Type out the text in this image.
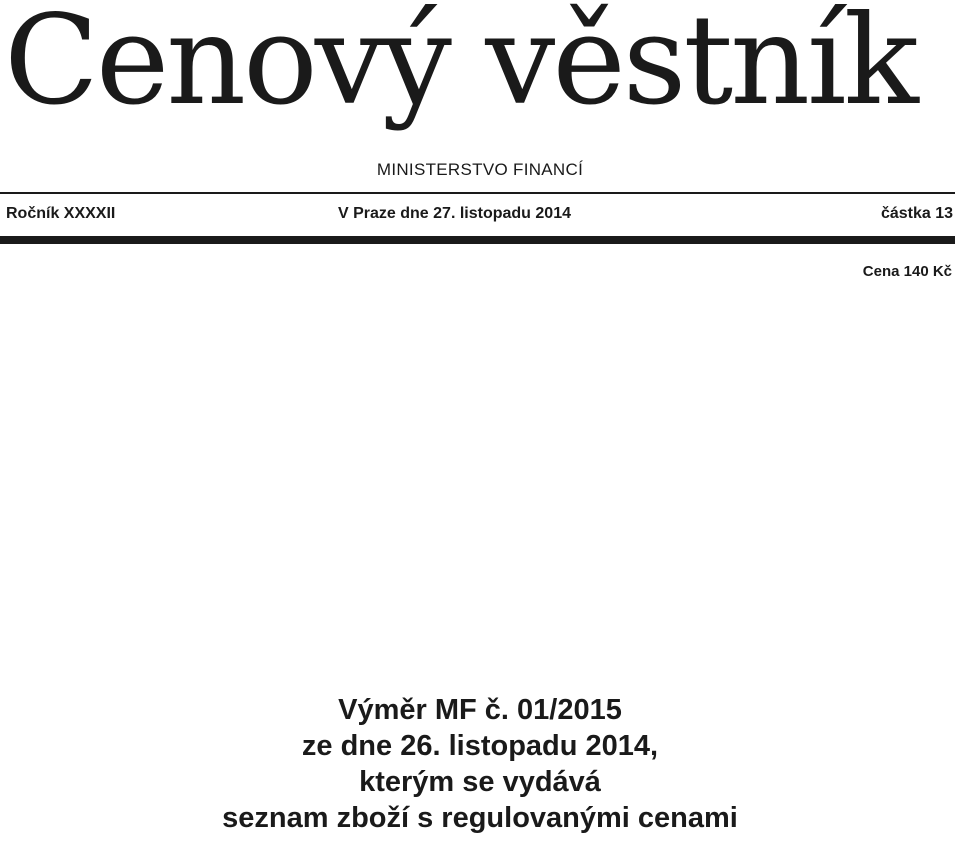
Cenový věstník
MINISTERSTVO FINANCÍ
Ročník XXXXII	V Praze dne 27. listopadu 2014	částka 13
Cena 140 Kč
Výměr MF č. 01/2015
ze dne 26. listopadu 2014,
kterým se vydává
seznam zboží s regulovanými cenami
